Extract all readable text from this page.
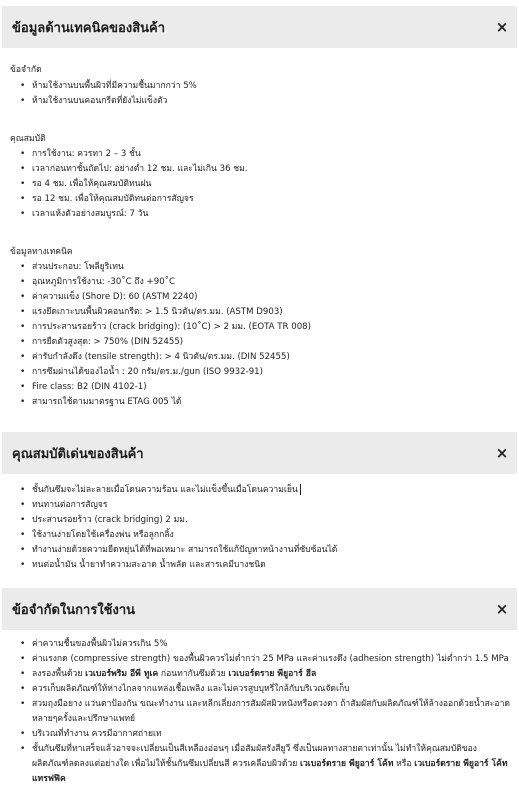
ข้อมูลด้านเทคนิคของสินค้า	×
ข้อจำกัด
• ห้ามใช้งานบนพื้นผิวที่มีความชื้นมากกว่า 5%
• ห้ามใช้งานบนคอนกรีตที่ยังไม่แข็งตัว
คุณสมบัติ
• การใช้งาน: ควรทา 2 – 3 ชั้น
• เวลาก่อนทาชั้นถัดไป: อย่างต่ำ 12 ชม. และไม่เกิน 36 ชม.
• รอ 4 ชม. เพื่อให้คุณสมบัติทนฝน
• รอ 12 ชม. เพื่อให้คุณสมบัติทนต่อการสัญจร
• เวลาแห้งตัวอย่างสมบูรณ์: 7 วัน
ข้อมูลทางเทคนิค
• ส่วนประกอบ: โพลียูริเทน
• อุณหภูมิการใช้งาน: -30˚C ถึง +90˚C
• ค่าความแข็ง (Shore D): 60 (ASTM 2240)
• แรงยึดเกาะบนพื้นผิวคอนกรีต: > 1.5 นิวตัน/ตร.มม. (ASTM D903)
• การประสานรอยร้าว (crack bridging): (10˚C) > 2 มม. (EOTA TR 008)
• การยืดตัวสูงสุด: > 750% (DIN 52455)
• ค่ารับกำลังดึง (tensile strength): > 4 นิวตัน/ตร.มม. (DIN 52455)
• การซึมผ่านได้ของไอน้ำ : 20 กรัม/ตร.ม./gun (ISO 9932-91)
• Fire class: B2 (DIN 4102-1)
• สามารถใช้ตามมาตรฐาน ETAG 005 ได้
คุณสมบัติเด่นของสินค้า	×
• ชั้นกันซึมจะไม่ละลายเมื่อโดนความร้อน และไม่แข็งขึ้นเมื่อโดนความเย็น
• ทนทานต่อการสัญจร
• ประสานรอยร้าว (crack bridging) 2 มม.
• ใช้งานง่ายโดยใช้เครื่องพ่น หรือลูกกลิ้ง
• ทำงานง่ายด้วยความยืดหยุ่นได้ที่พอเหมาะ สามารถใช้แก้ปัญหาหน้างานที่ซับซ้อนได้
• ทนต่อน้ำมัน น้ำยาทำความสะอาด น้ำพลัด และสารเคมีบางชนิด
ข้อจำกัดในการใช้งาน	×
• ค่าความชื้นของพื้นผิวไม่ควรเกิน 5%
• ค่าแรงกด (compressive strength) ของพื้นผิวควรไม่ต่ำกว่า 25 MPa และค่าแรงดึง (adhesion strength) ไม่ต่ำกว่า 1.5 MPa
• ลงรองพื้นด้วย เวเบอร์พริม อีพี ทูเค ก่อนทากันซึมด้วย เวเบอร์ดราย พียูอาร์ ฮีล
• ควรเก็บผลิตภัณฑ์ให้ห่างไกลจากแหล่งเชื้อเพลิง และไม่ควรสูบบุหรี่ใกล้กับบริเวณจัดเก็บ
• สวมถุงมือยาง แว่นตาป้องกัน ขณะทำงาน และหลีกเลี่ยงการสัมผัสผิวหนังหรือดวงตา ถ้าสัมผัสกับผลิตภัณฑ์ให้ล้างออกด้วยน้ำสะอาด หลายๆครั้งและปรึกษาแพทย์
• บริเวณที่ทำงาน ควรมีอากาศถ่ายเท
• ชั้นกันซึมที่ทาเสร็จแล้วอาจจะเปลี่ยนเป็นสีเหลืองอ่อนๆ เมื่อสัมผัสรังสียูวี ซึ่งเป็นผลทางสายตาเท่านั้น ไม่ทำให้คุณสมบัติของผลิตภัณฑ์ลดลงแต่อย่างใด เพื่อไม่ให้ชั้นกันซึมเปลี่ยนสี ควรเคลือบผิวด้วย เวเบอร์ดราย พียูอาร์ โค้ท หรือ เวเบอร์ดราย พียูอาร์ โค้ท แทรฟฟิค
